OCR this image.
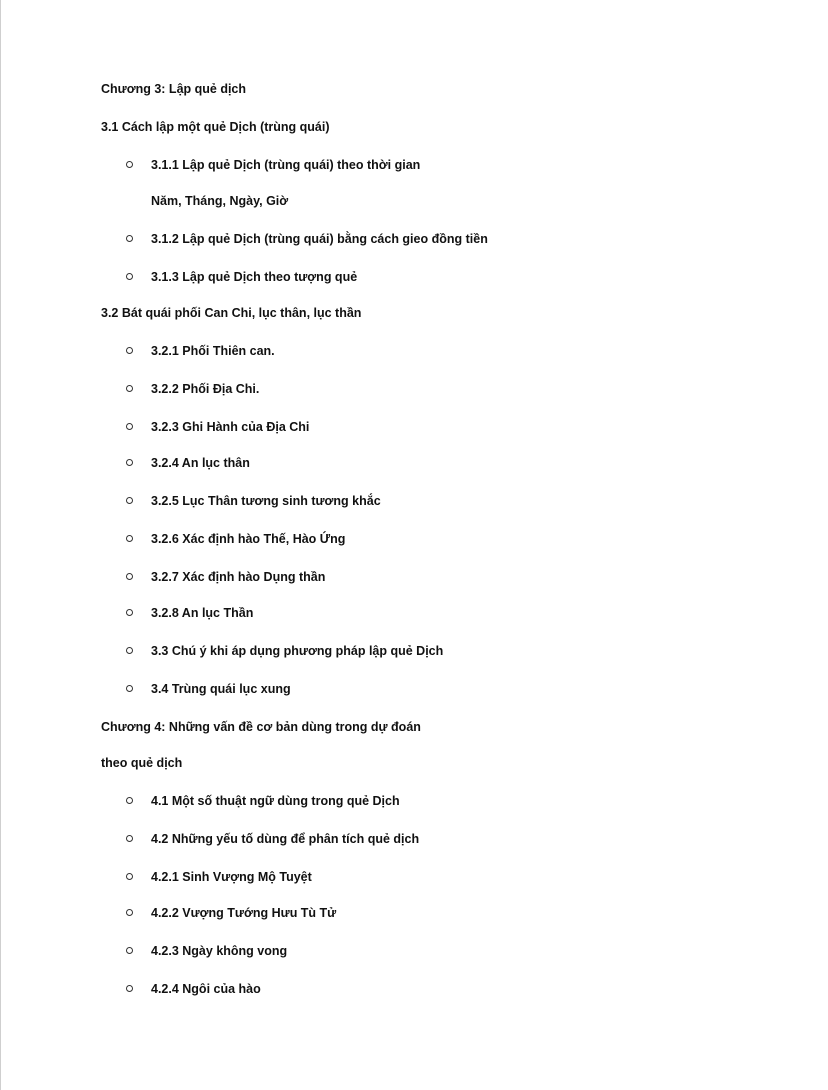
Chương 3: Lập quẻ dịch
3.1 Cách lập một quẻ Dịch (trùng quái)
3.1.1 Lập quẻ Dịch (trùng quái) theo thời gian
Năm, Tháng, Ngày, Giờ
3.1.2 Lập quẻ Dịch (trùng quái) bằng cách gieo đồng tiền
3.1.3 Lập quẻ Dịch theo tượng quẻ
3.2 Bát quái phối Can Chi, lục thân, lục thần
3.2.1 Phối Thiên can.
3.2.2 Phối Địa Chi.
3.2.3 Ghi Hành của Địa Chi
3.2.4 An lục thân
3.2.5 Lục Thân tương sinh tương khắc
3.2.6 Xác định hào Thế, Hào Ứng
3.2.7 Xác định hào Dụng thần
3.2.8 An lục Thần
3.3 Chú ý khi áp dụng phương pháp lập quẻ Dịch
3.4 Trùng quái lục xung
Chương 4: Những vấn đề cơ bản dùng trong dự đoán
theo quẻ dịch
4.1 Một số thuật ngữ dùng trong quẻ Dịch
4.2 Những yếu tố dùng để phân tích quẻ dịch
4.2.1 Sinh Vượng Mộ Tuyệt
4.2.2 Vượng Tướng Hưu Tù Tử
4.2.3 Ngày không vong
4.2.4 Ngôi của hào
